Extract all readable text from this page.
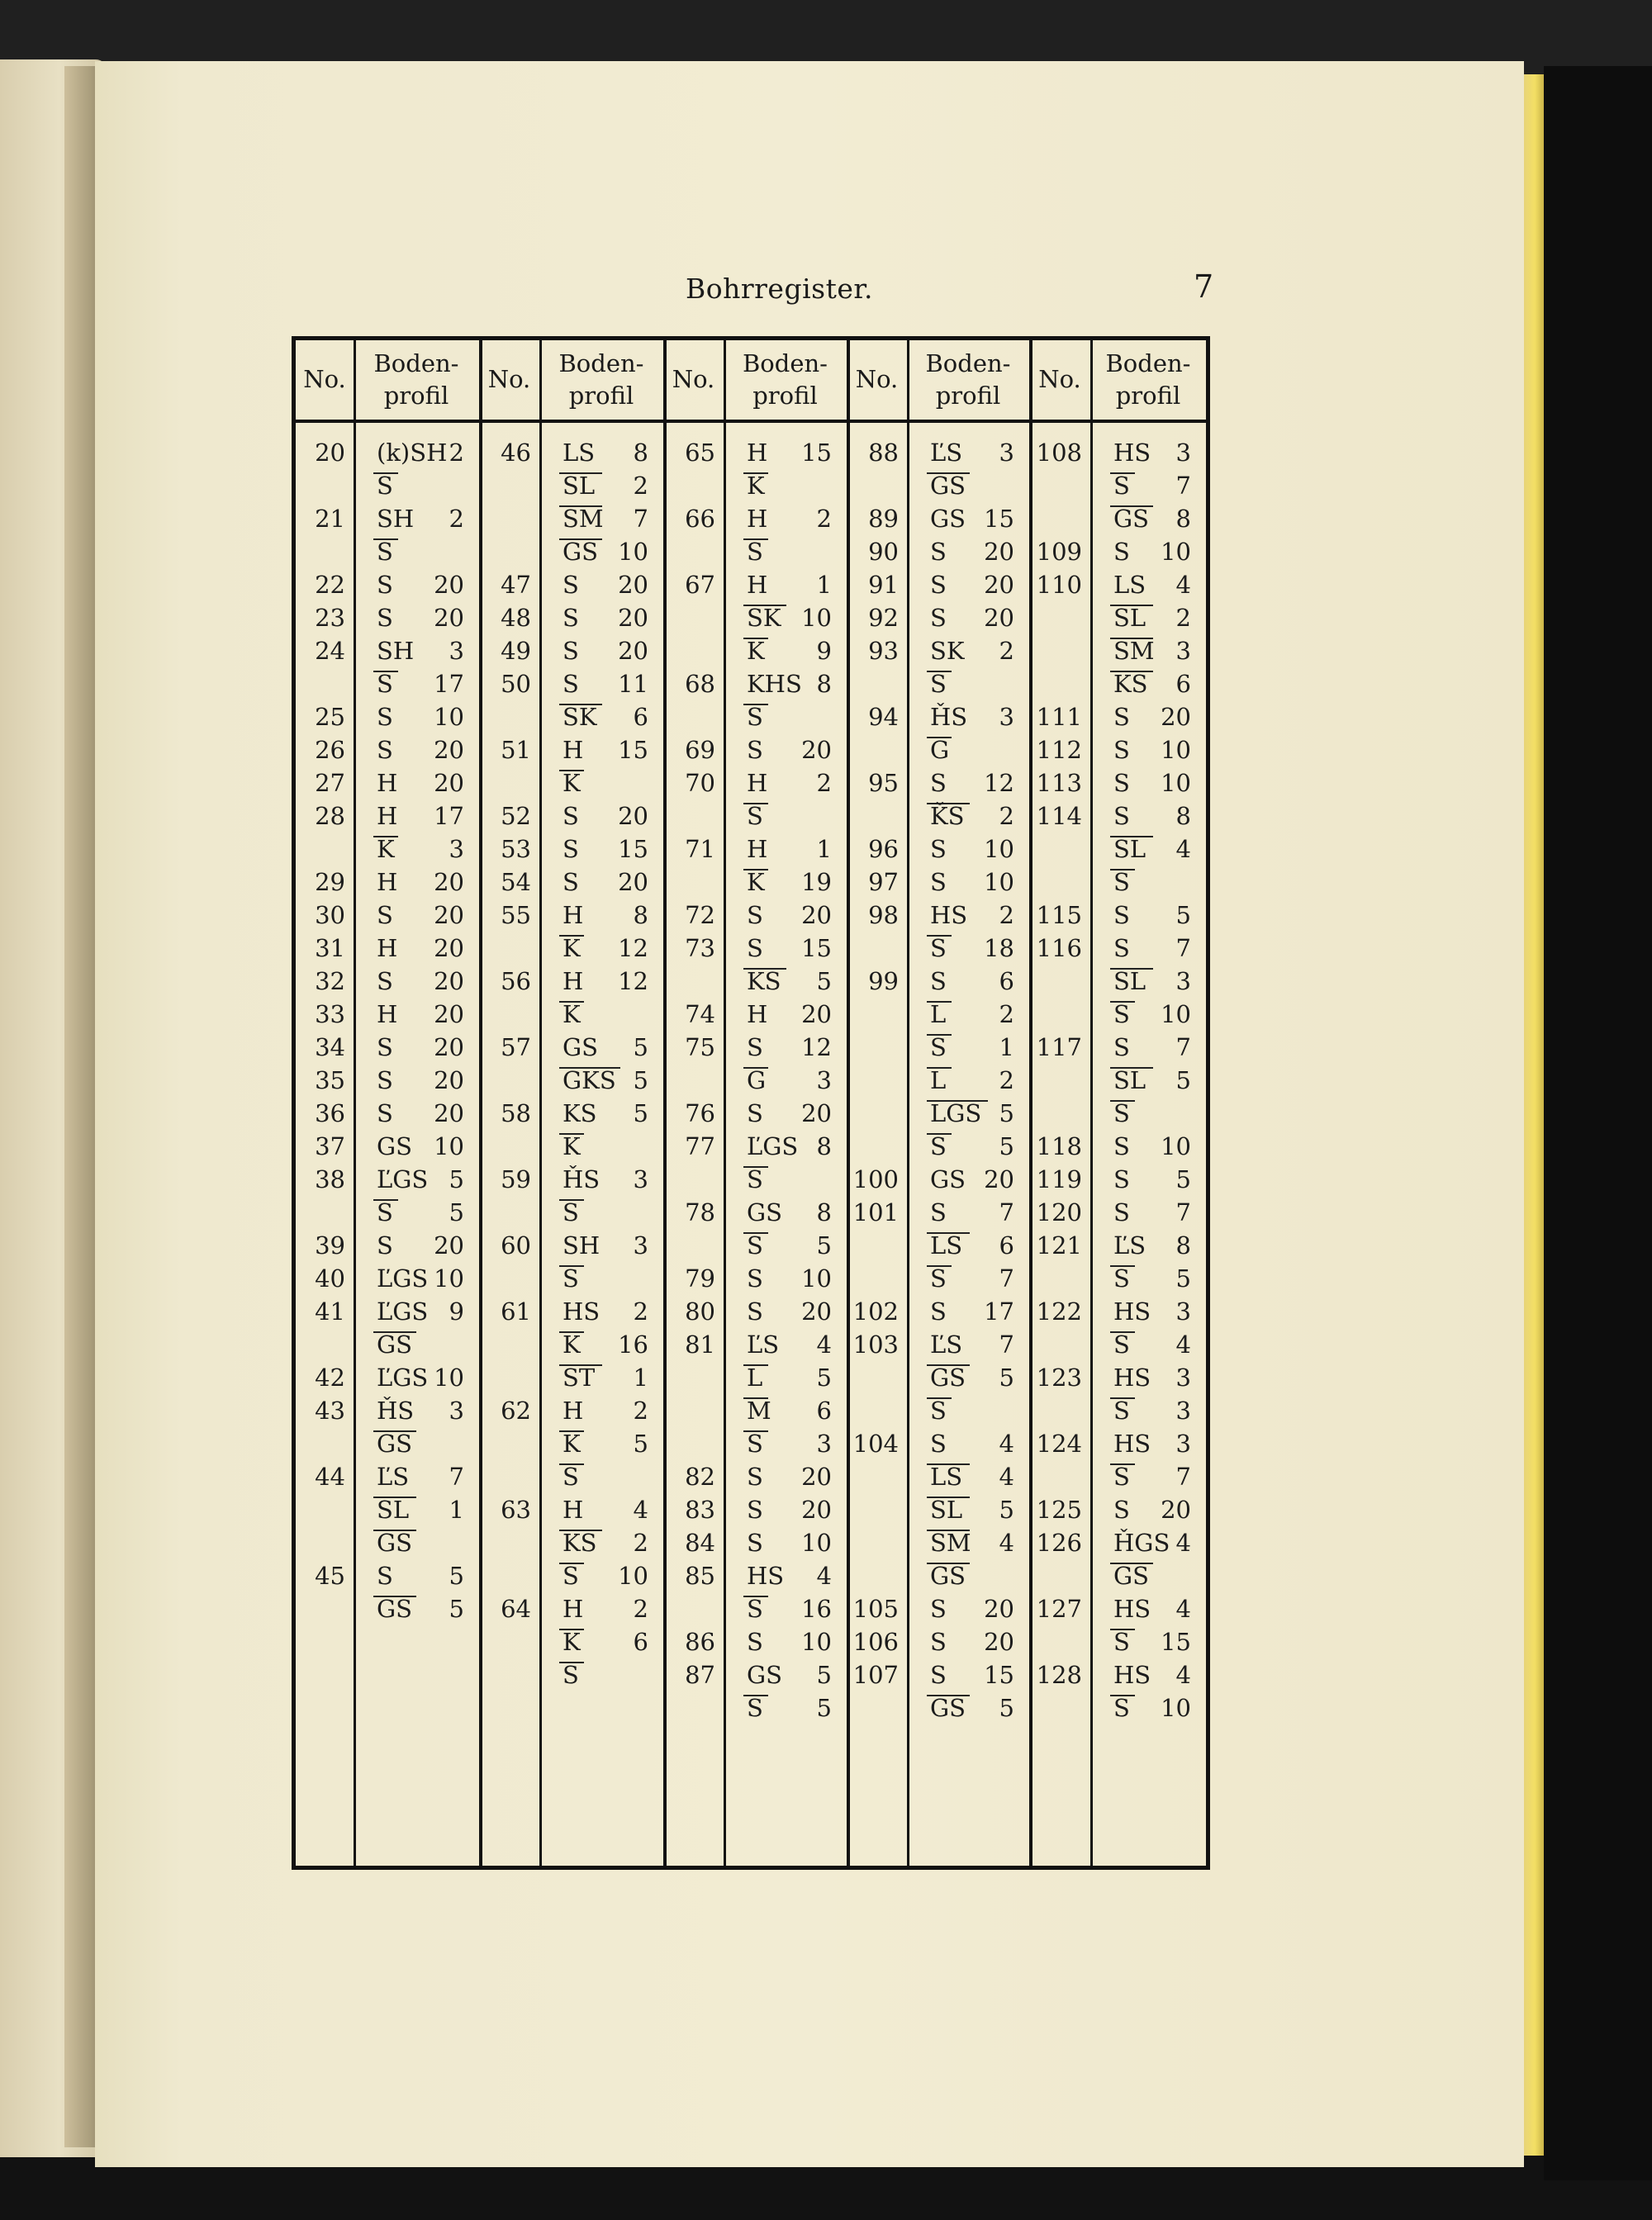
Bohrregister.	7
No.
Boden-
profil
20 (k)SH 2
S
21 SH	2
S
22 S	20
23 S	20
24 SH	3
S	17
25 S	10
26 S	20
27 H	20
28 H	17
K	3
29 H	20
30 S	20
31 H	20
32 S	20
33 H	20
34 S	20
35 S	20
36 S	20
37 GS 10
38 ĽGS 5
S	5
39 S	20
40 ĽGS 10
41 ĽGS 9
GS
42 ĽGS 10
43 ȞS	3
GS
44 ĽS	7
SL	1
GS
45 S	5
GS	5
No.
Boden-
profil
46 LS	8
SL	2
SM	7
GS 10
47 S	20
48 S	20
49 S	20
50 S	11
SK	6
51 H	15
K
52 S	20
53 S	15
54 S	20
55 H	8
K	12
56 H	12
K
57 GS	5
GKS 5
58 KS	5
K
59 ȞS	3
S
60 SH	3
S
61 HS	2
K	16
ST	1
62 H	2
K	5
S
63 H	4
KS	2
S	10
64 H	2
K	6
S
No.
Boden-
profil
65 H	15
K
66 H	2
S
67 H	1
SK 10
K	9
68 KHS 8
S
69 S	20
70 H	2
S
71 H	1
K	19
72 S	20
73 S	15
KS	5
74 H	20
75 S	12
G	3
76 S	20
77 ĽGS 8
S
78 GS	8
S	5
79 S	10
80 S	20
81 ĽS	4
L	5
M	6
S	3
82 S	20
83 S	20
84 S	10
85 HS	4
S	16
86 S	10
87 GS	5
S	5
No.
Boden-
profil
88 ĽS	3
GS
89 GS 15
90 S	20
91 S	20
92 S	20
93 SK	2
S
94 ȞS	3
G
95 S	12
ǨS	2
96 S	10
97 S	10
98 HS	2
S	18
99 S	6
L	2
S	1
L	2
LGS 5
S	5
100 GS 20
101 S	7
LS	6
S	7
102 S	17
103 ĽS	7
GS	5
S
104 S	4
LS	4
SL	5
SM	4
GS
105 S	20
106 S	20
107 S	15
GS	5
No.
Boden-
profil
108 HS	3
S	7
GS	8
109 S	10
110 LS	4
SL	2
SM 3
KS	6
111 S	20
112 S	10
113 S	10
114 S	8
SL	4
S
115 S	5
116 S	7
SL	3
S	10
117 S	7
SL	5
S
118 S	10
119 S	5
120 S	7
121 ĽS	8
S	5
122 HS	3
S	4
123 HS	3
S	3
124 HS	3
S	7
125 S	20
126 ȞGS 4
GS
127 HS	4
S	15
128 HS	4
S	10
